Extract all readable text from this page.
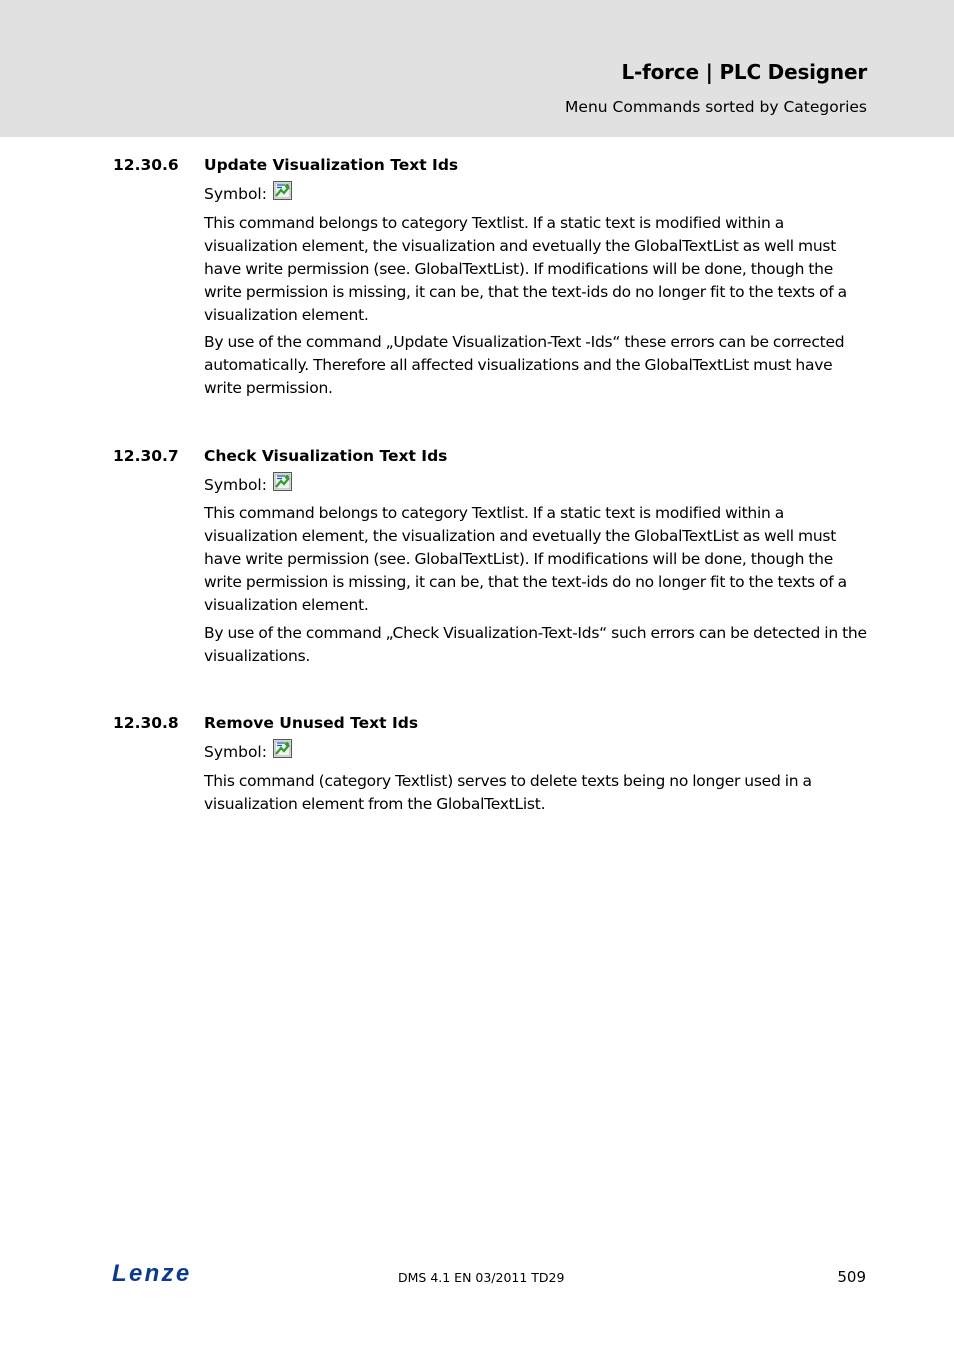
L-force | PLC Designer
Menu Commands sorted by Categories
12.30.6 Update Visualization Text Ids
Symbol:
This command belongs to category Textlist. If a static text is modified within a visualization element, the visualization and evetually the GlobalTextList as well must have write permission (see. GlobalTextList). If modifications will be done, though the write permission is missing, it can be, that the text-ids do no longer fit to the texts of a visualization element.
By use of the command „Update Visualization-Text -Ids“ these errors can be corrected automatically. Therefore all affected visualizations and the GlobalTextList must have write permission.
12.30.7 Check Visualization Text Ids
Symbol:
This command belongs to category Textlist. If a static text is modified within a visualization element, the visualization and evetually the GlobalTextList as well must have write permission (see. GlobalTextList). If modifications will be done, though the write permission is missing, it can be, that the text-ids do no longer fit to the texts of a visualization element.
By use of the command „Check Visualization-Text-Ids“ such errors can be detected in the visualizations.
12.30.8 Remove Unused Text Ids
Symbol:
This command (category Textlist) serves to delete texts being no longer used in a visualization element from the GlobalTextList.
Lenze	DMS 4.1 EN 03/2011 TD29	509
